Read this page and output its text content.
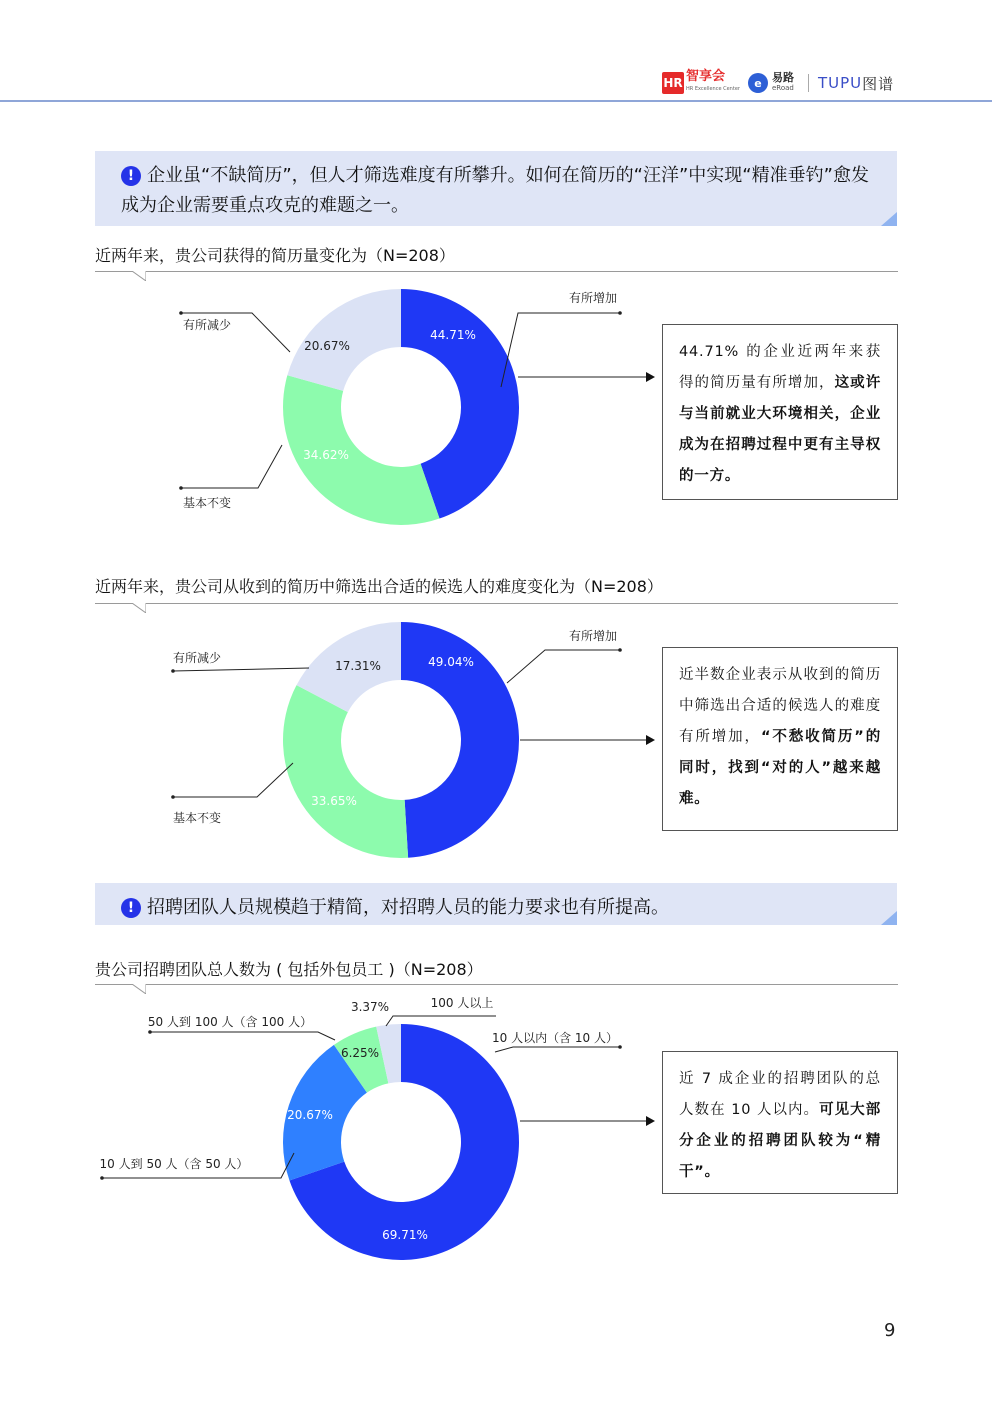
HR 智享会
HR Excellence Center	e 易路
eRoad TUPU 图谱
! 企业虽“不缺简历”，但人才筛选难度有所攀升。如何在简历的“汪洋”中实现“精准垂钓”愈发成为企业需要重点攻克的难题之一。
近两年来，贵公司获得的简历量变化为（N=208）
44.71%
34.62%
20.67%
有所增加
基本不变
有所减少
44.71% 的企业近两年来获得的简历量有所增加，这或许与当前就业大环境相关，企业成为在招聘过程中更有主导权的一方。
近两年来，贵公司从收到的简历中筛选出合适的候选人的难度变化为（N=208）
49.04%
33.65%
17.31%
有所增加
基本不变
有所减少
近半数企业表示从收到的简历中筛选出合适的候选人的难度有所增加，“不愁收简历”的同时，找到“对的人”越来越难。
! 招聘团队人员规模趋于精简，对招聘人员的能力要求也有所提高。
贵公司招聘团队总人数为 ( 包括外包员工 )（N=208）
69.71%
20.67%
6.25%
3.37%
10 人以内（含 10 人）
10 人到 50 人（含 50 人）
50 人到 100 人（含 100 人）
100 人以上
近 7 成企业的招聘团队的总人数在 10 人以内。可见大部分企业的招聘团队较为“精干”。
9
